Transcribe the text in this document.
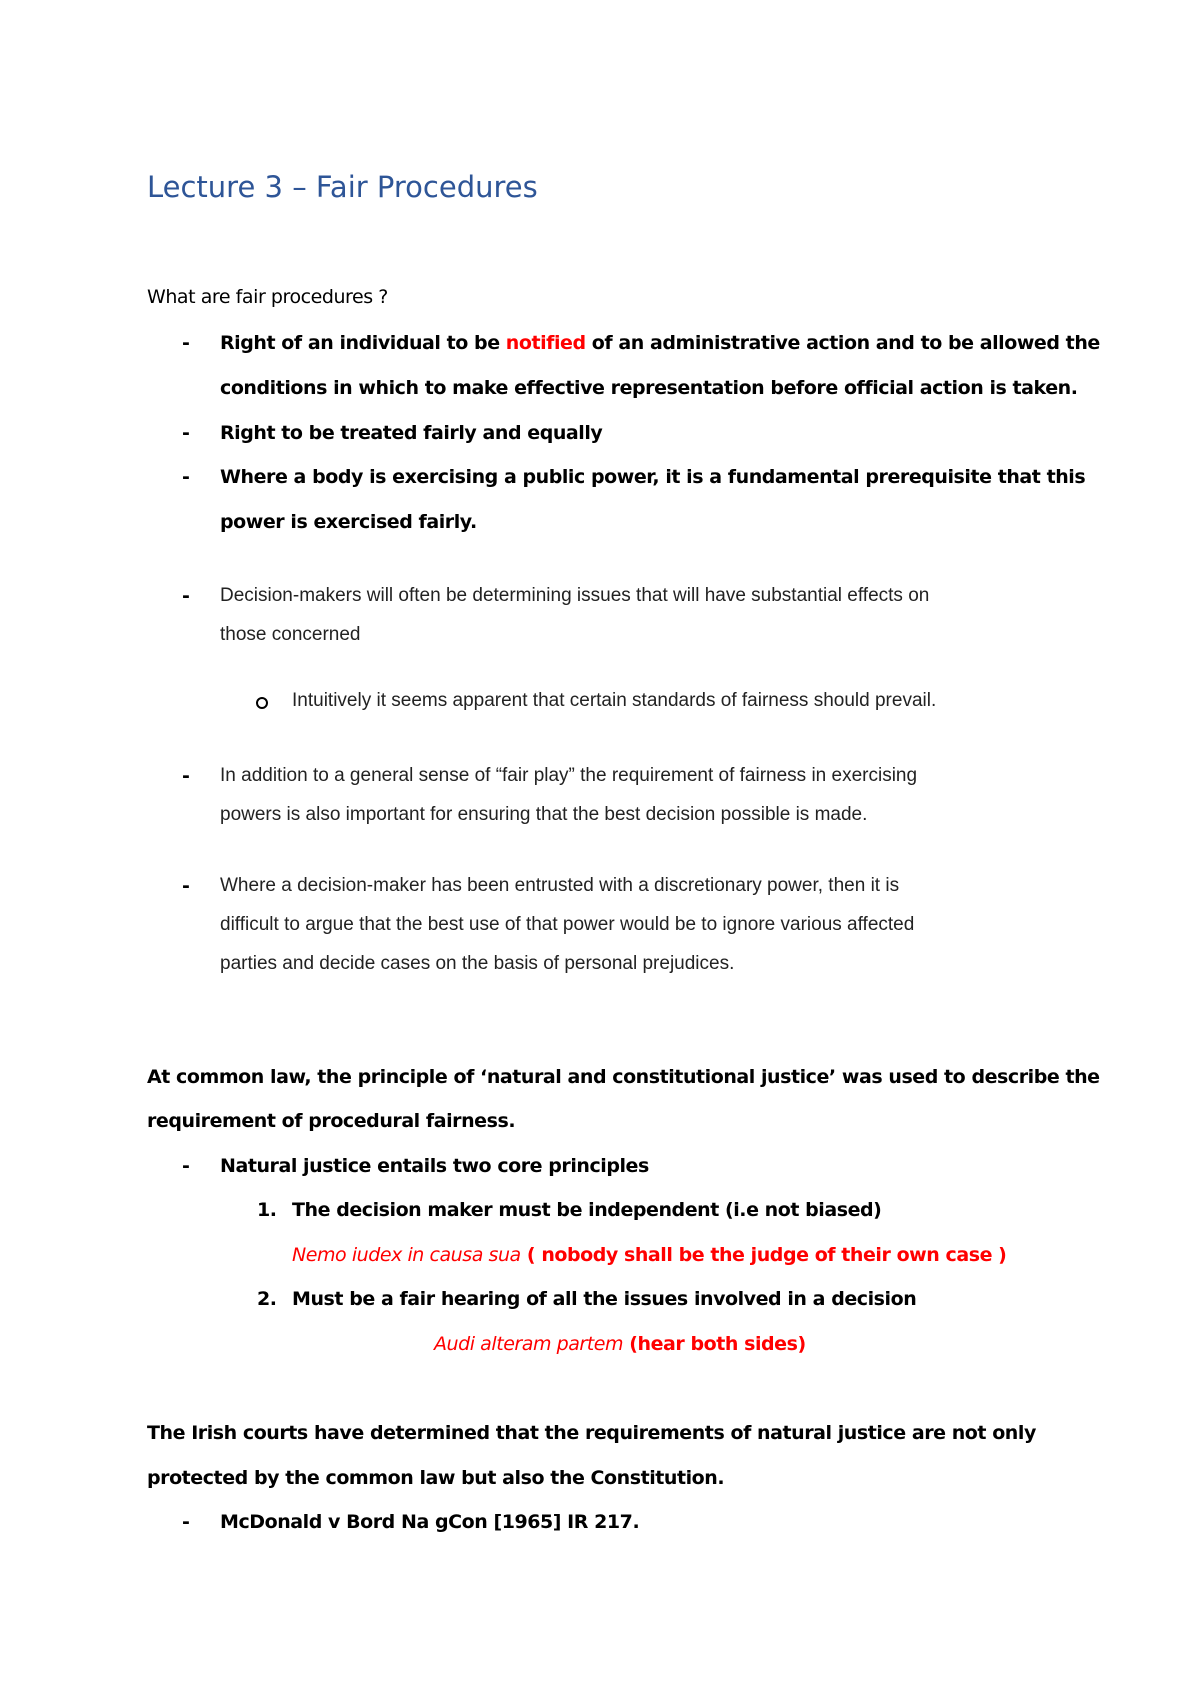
Lecture 3 – Fair Procedures
What are fair procedures ?
- Right of an individual to be notified of an administrative action and to be allowed the
conditions in which to make effective representation before official action is taken.
- Right to be treated fairly and equally
- Where a body is exercising a public power, it is a fundamental prerequisite that this
power is exercised fairly.
- Decision-makers will often be determining issues that will have substantial effects on
those concerned
Intuitively it seems apparent that certain standards of fairness should prevail.
- In addition to a general sense of “fair play” the requirement of fairness in exercising
powers is also important for ensuring that the best decision possible is made.
- Where a decision-maker has been entrusted with a discretionary power, then it is
difficult to argue that the best use of that power would be to ignore various affected
parties and decide cases on the basis of personal prejudices.
At common law, the principle of ‘natural and constitutional justice’ was used to describe the
requirement of procedural fairness.
- Natural justice entails two core principles
1. The decision maker must be independent (i.e not biased)
Nemo iudex in causa sua ( nobody shall be the judge of their own case )
2. Must be a fair hearing of all the issues involved in a decision
Audi alteram partem (hear both sides)
The Irish courts have determined that the requirements of natural justice are not only
protected by the common law but also the Constitution.
- McDonald v Bord Na gCon [1965] IR 217.
